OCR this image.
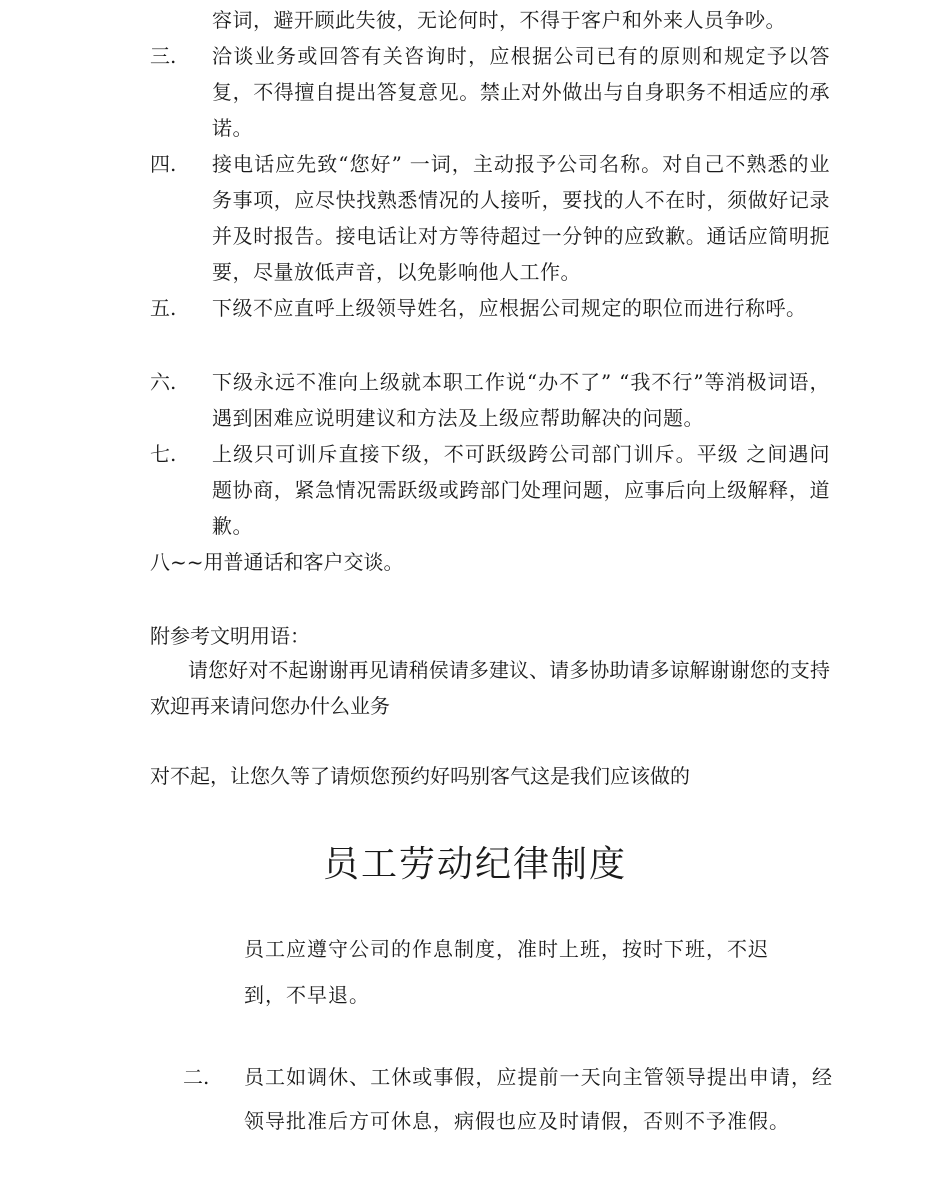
容词，避开顾此失彼，无论何时，不得于客户和外来人员争吵。
三. 洽谈业务或回答有关咨询时，应根据公司已有的原则和规定予以答复，不得擅自提出答复意见。禁止对外做出与自身职务不相适应的承诺。
四. 接电话应先致“您好” 一词，主动报予公司名称。对自己不熟悉的业务事项，应尽快找熟悉情况的人接听，要找的人不在时，须做好记录并及时报告。接电话让对方等待超过一分钟的应致歉。通话应简明扼要，尽量放低声音，以免影响他人工作。
五. 下级不应直呼上级领导姓名，应根据公司规定的职位而进行称呼。
六. 下级永远不准向上级就本职工作说“办不了” “我不行”等消极词语，遇到困难应说明建议和方法及上级应帮助解决的问题。
七. 上级只可训斥直接下级，不可跃级跨公司部门训斥。平级 之间遇问题协商，紧急情况需跃级或跨部门处理问题，应事后向上级解释，道歉。
八~~用普通话和客户交谈。
附参考文明用语：
请您好对不起谢谢再见请稍侯请多建议、请多协助请多谅解谢谢您的支持欢迎再来请问您办什么业务
对不起，让您久等了请烦您预约好吗别客气这是我们应该做的
员工劳动纪律制度
员工应遵守公司的作息制度，准时上班，按时下班，不迟到，不早退。
二. 员工如调休、工休或事假，应提前一天向主管领导提出申请，经领导批准后方可休息，病假也应及时请假，否则不予准假。
